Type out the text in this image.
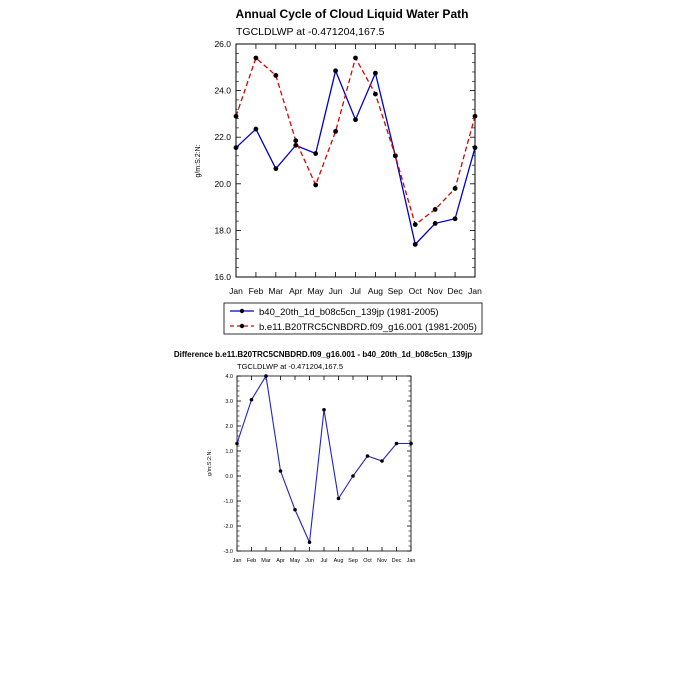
Annual Cycle of Cloud Liquid Water Path
TGCLDLWP at -0.471204,167.5
g/m:S:2:N:
Jan Feb Mar Apr May Jun Jul Aug Sep Oct Nov Dec Jan
16.0
18.0
20.0
22.0
24.0
26.0
b40_20th_1d_b08c5cn_139jp (1981-2005)
b.e11.B20TRC5CNBDRD.f09_g16.001 (1981-2005)
Difference b.e11.B20TRC5CNBDRD.f09_g16.001 - b40_20th_1d_b08c5cn_139jp
TGCLDLWP at -0.471204,167.5
g/m:S:2:N:
Jan Feb Mar Apr May Jun Jul Aug Sep Oct Nov Dec Jan
-3.0
-2.0
-1.0
0.0
1.0
2.0
3.0
4.0
